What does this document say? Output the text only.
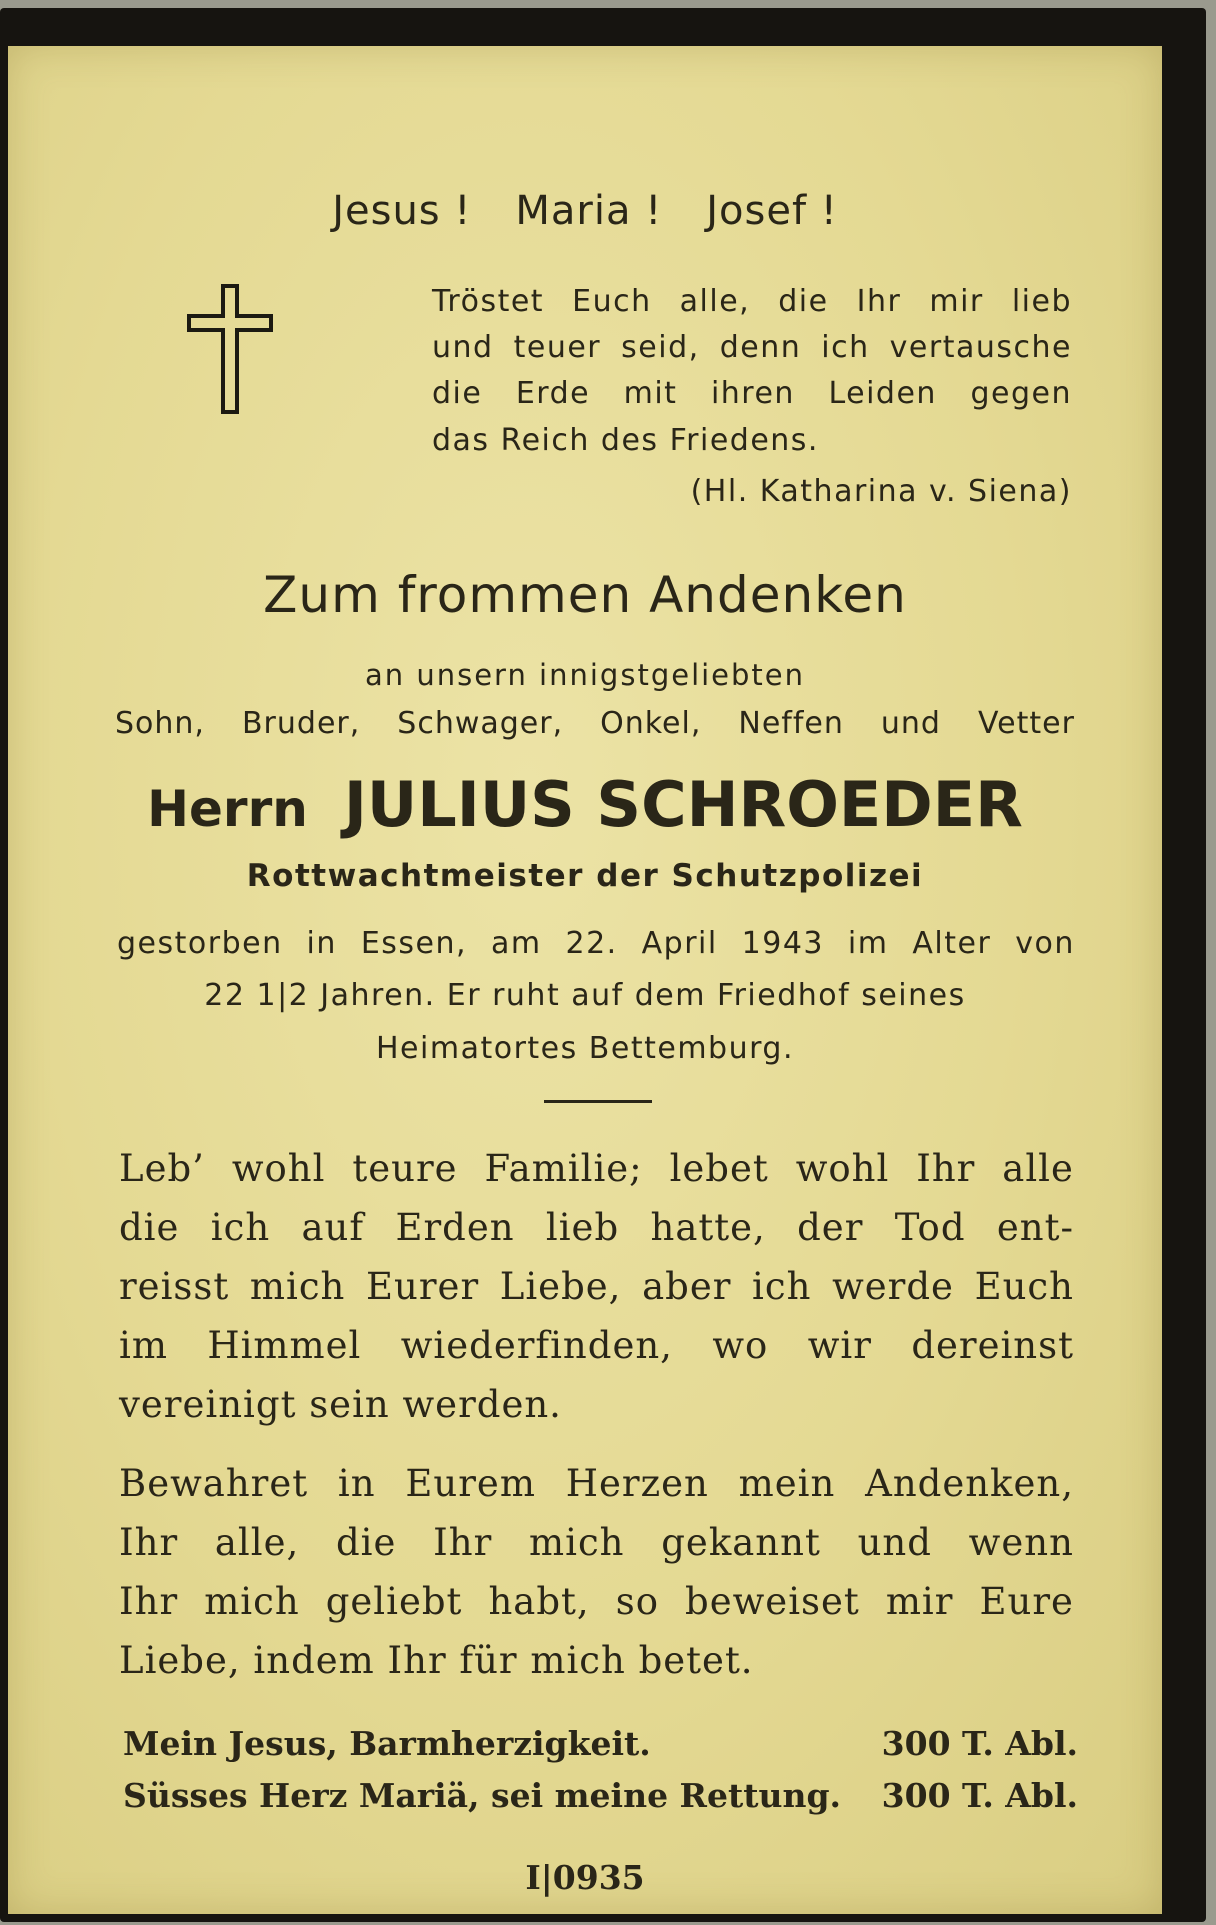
Jesus ! Maria ! Josef !
Tröstet Euch alle, die Ihr mir lieb
und teuer seid, denn ich vertausche
die Erde mit ihren Leiden gegen
das Reich des Friedens.
(Hl. Katharina v. Siena)
Zum frommen Andenken
an unsern innigstgeliebten
Sohn, Bruder, Schwager, Onkel, Neffen und Vetter
Herrn JULIUS SCHROEDER
Rottwachtmeister der Schutzpolizei
gestorben in Essen, am 22. April 1943 im Alter von
22 1|2 Jahren. Er ruht auf dem Friedhof seines
Heimatortes Bettemburg.
Leb’ wohl teure Familie; lebet wohl Ihr alle
die ich auf Erden lieb hatte, der Tod ent-
reisst mich Eurer Liebe, aber ich werde Euch
im Himmel wiederfinden, wo wir dereinst
vereinigt sein werden.
Bewahret in Eurem Herzen mein Andenken,
Ihr alle, die Ihr mich gekannt und wenn
Ihr mich geliebt habt, so beweiset mir Eure
Liebe, indem Ihr für mich betet.
Mein Jesus, Barmherzigkeit.	300 T. Abl.
Süsses Herz Mariä, sei meine Rettung. 300 T. Abl.
I|0935
